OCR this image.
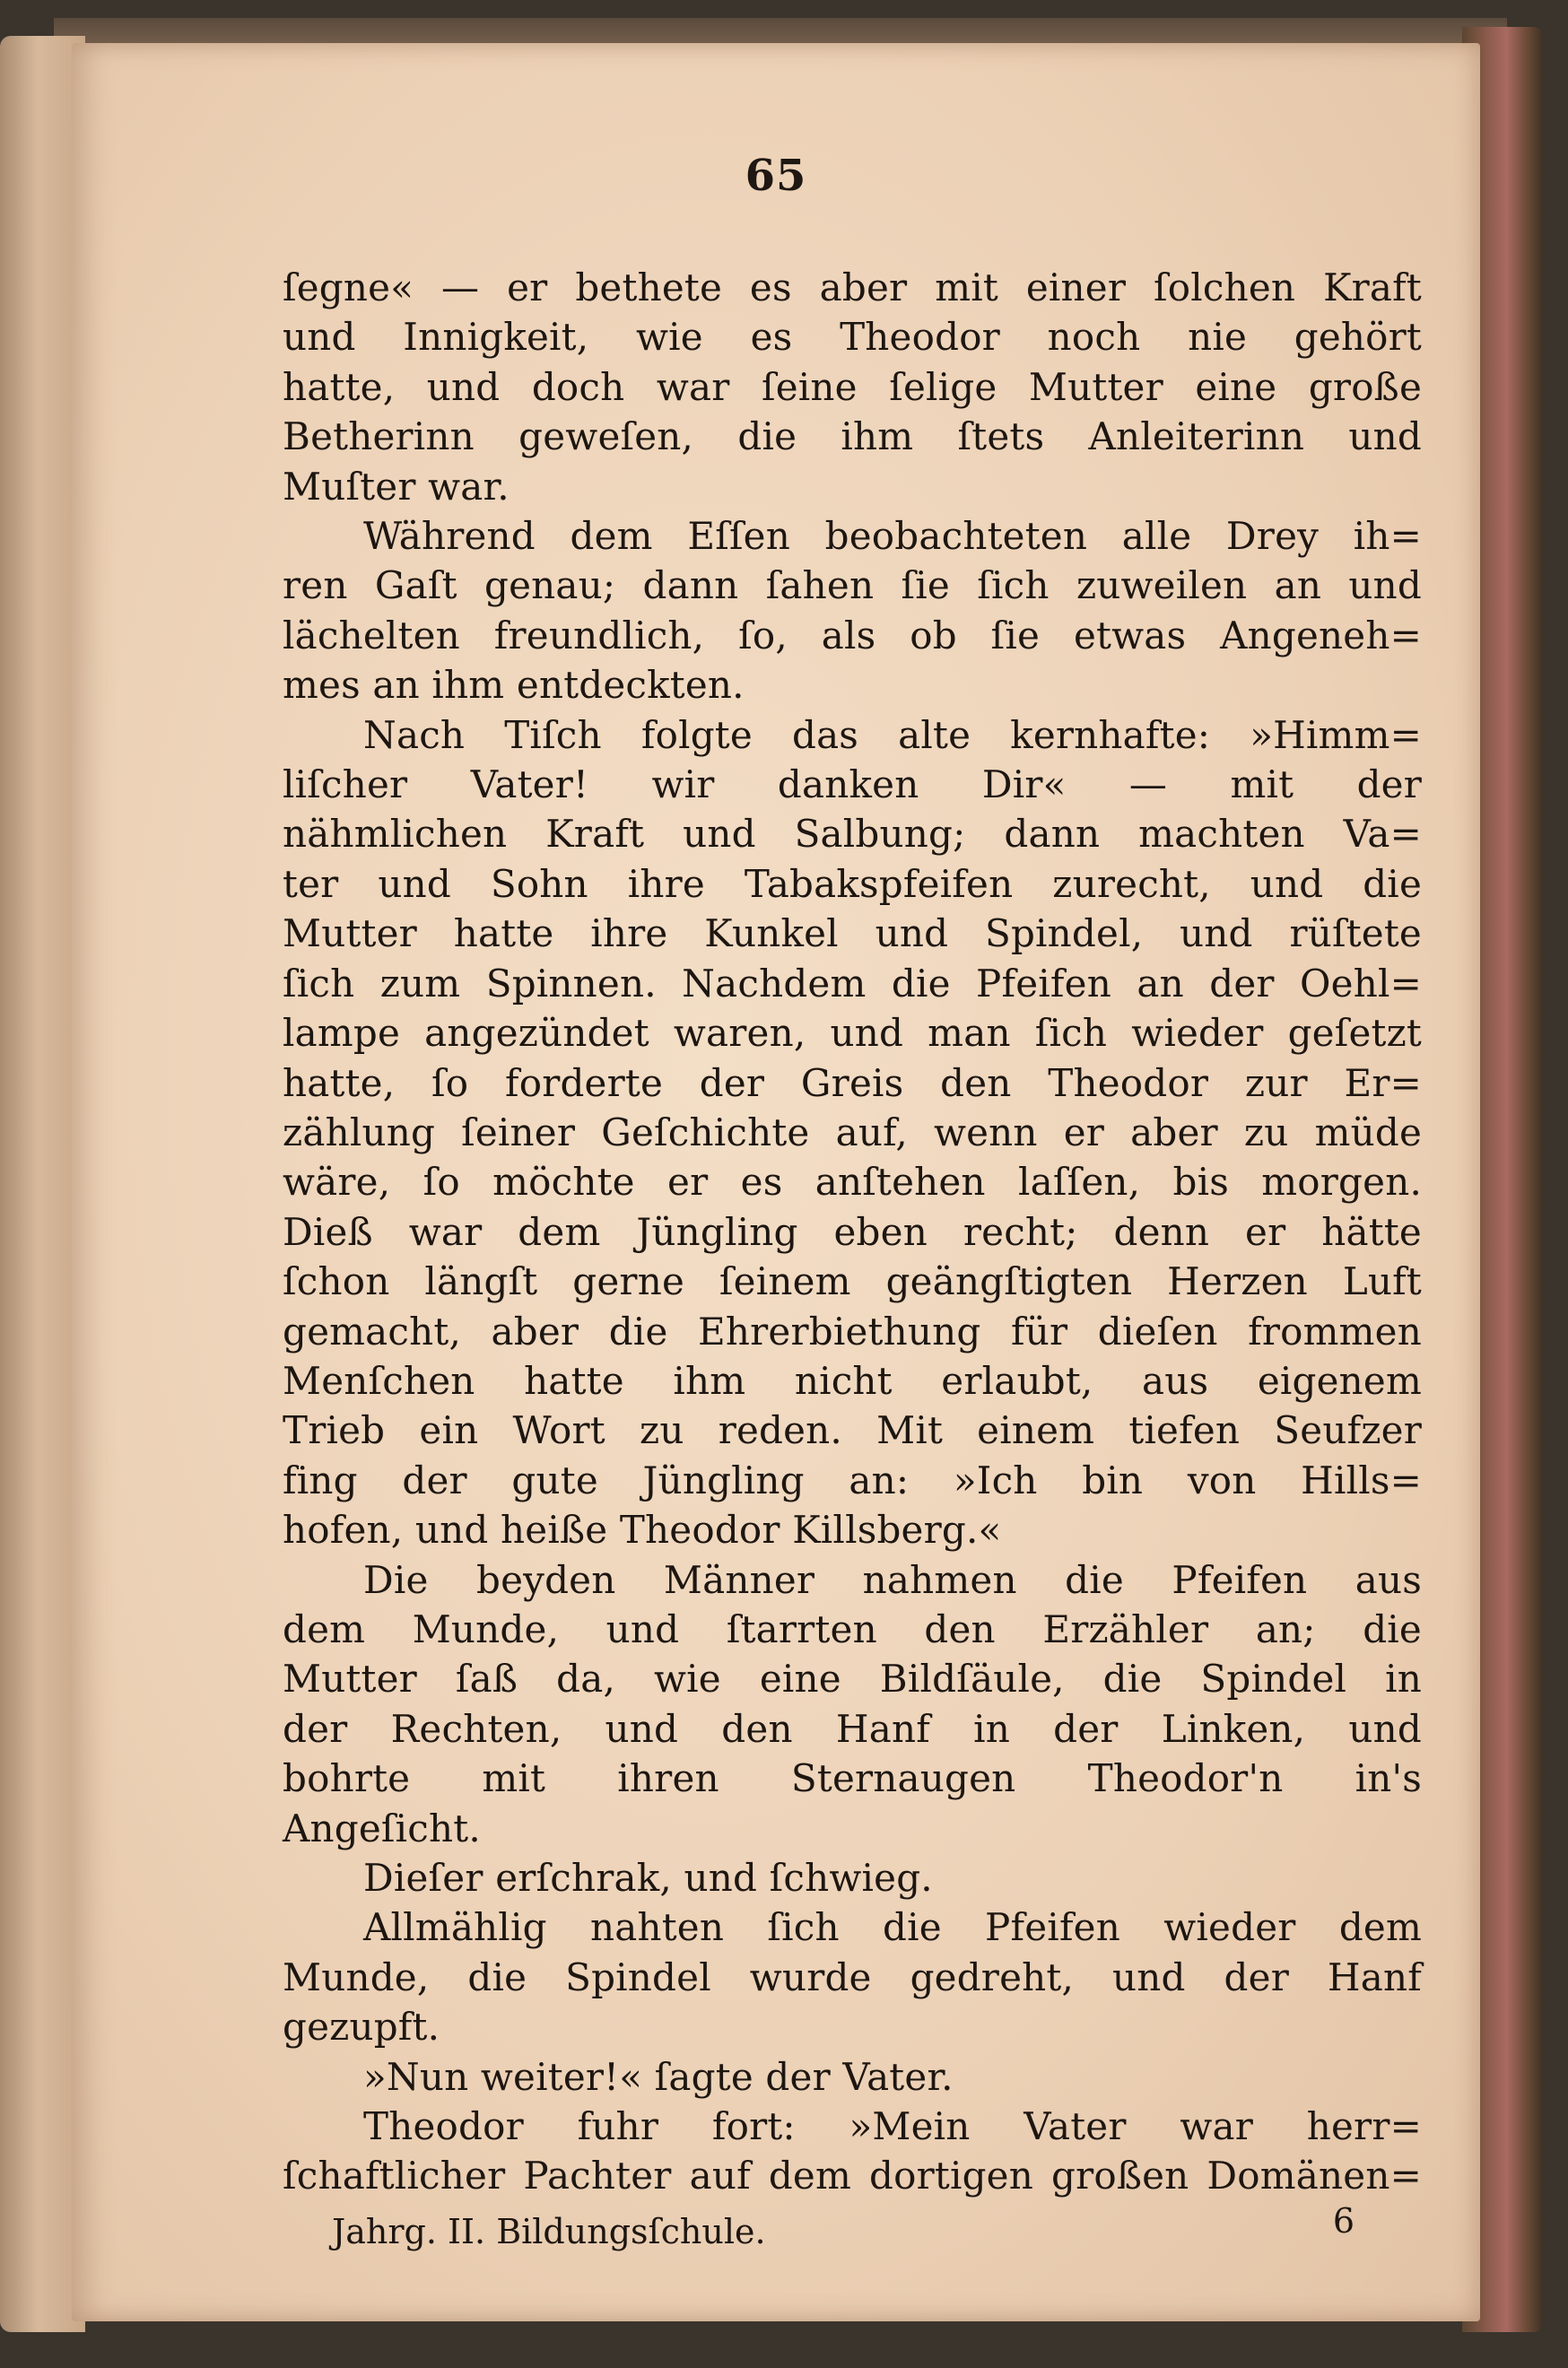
65
ſegne« — er bethete es aber mit einer ſolchen Kraft
und Innigkeit, wie es Theodor noch nie gehört
hatte, und doch war ſeine ſelige Mutter eine große
Betherinn geweſen, die ihm ſtets Anleiterinn und
Muſter war.
Während dem Eſſen beobachteten alle Drey ih=
ren Gaſt genau; dann ſahen ſie ſich zuweilen an und
lächelten freundlich, ſo, als ob ſie etwas Angeneh=
mes an ihm entdeckten.
Nach Tiſch folgte das alte kernhafte: »Himm=
liſcher Vater! wir danken Dir« — mit der
nähmlichen Kraft und Salbung; dann machten Va=
ter und Sohn ihre Tabakspfeifen zurecht, und die
Mutter hatte ihre Kunkel und Spindel, und rüſtete
ſich zum Spinnen. Nachdem die Pfeifen an der Oehl=
lampe angezündet waren, und man ſich wieder geſetzt
hatte, ſo forderte der Greis den Theodor zur Er=
zählung ſeiner Geſchichte auf, wenn er aber zu müde
wäre, ſo möchte er es anſtehen laſſen, bis morgen.
Dieß war dem Jüngling eben recht; denn er hätte
ſchon längſt gerne ſeinem geängſtigten Herzen Luft
gemacht, aber die Ehrerbiethung für dieſen frommen
Menſchen hatte ihm nicht erlaubt, aus eigenem
Trieb ein Wort zu reden. Mit einem tiefen Seufzer
fing der gute Jüngling an: »Ich bin von Hills=
hofen, und heiße Theodor Killsberg.«
Die beyden Männer nahmen die Pfeifen aus
dem Munde, und ſtarrten den Erzähler an; die
Mutter ſaß da, wie eine Bildſäule, die Spindel in
der Rechten, und den Hanf in der Linken, und
bohrte mit ihren Sternaugen Theodor'n in's
Angeſicht.
Dieſer erſchrak, und ſchwieg.
Allmählig nahten ſich die Pfeifen wieder dem
Munde, die Spindel wurde gedreht, und der Hanf
gezupft.
»Nun weiter!« ſagte der Vater.
Theodor fuhr fort: »Mein Vater war herr=
ſchaftlicher Pachter auf dem dortigen großen Domänen=
Jahrg. II. Bildungsſchule.	6
